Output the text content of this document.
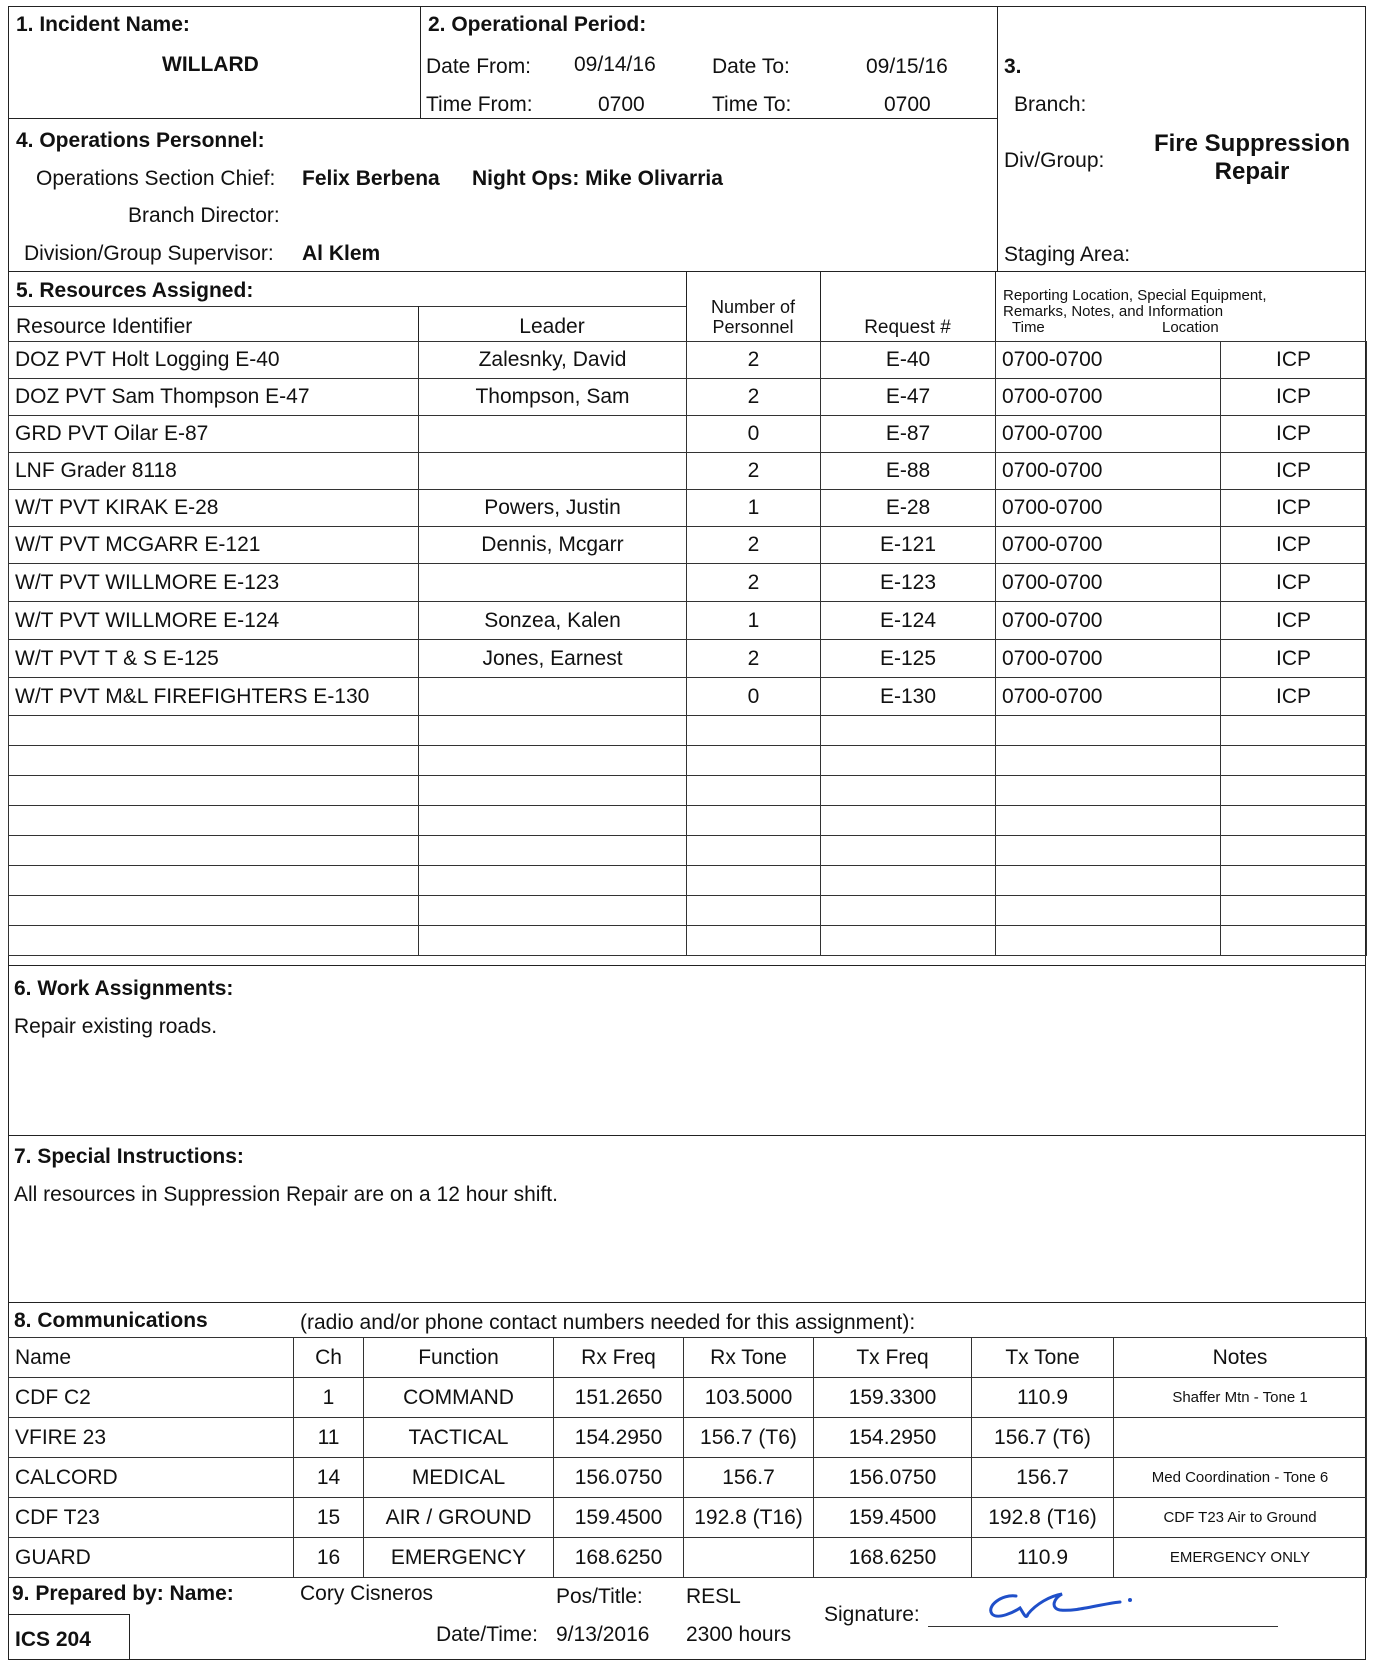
1. Incident Name:
WILLARD
2. Operational Period:
Date From: 09/14/16	Date To:	09/15/16
Time From:	0700	Time To:	0700
3.
Branch:
Div/Group:
Fire Suppression
Repair
Staging Area:
4. Operations Personnel:
Operations Section Chief: Felix Berbena Night Ops: Mike Olivarria
Branch Director:
Division/Group Supervisor: Al Klem
5. Resources Assigned:
Resource Identifier	Leader
Number of
Personnel	Request #
Reporting Location, Special Equipment,
Remarks, Notes, and Information
Time	Location
DOZ PVT Holt Logging E-40	Zalesnky, David	2	E-40	0700-0700	ICP
DOZ PVT Sam Thompson E-47	Thompson, Sam	2	E-47	0700-0700	ICP
GRD PVT Oilar E-87		0	E-87	0700-0700	ICP
LNF Grader 8118		2	E-88	0700-0700	ICP
W/T PVT KIRAK E-28	Powers, Justin	1	E-28	0700-0700	ICP
W/T PVT MCGARR E-121	Dennis, Mcgarr	2	E-121	0700-0700	ICP
W/T PVT WILLMORE E-123		2	E-123	0700-0700	ICP
W/T PVT WILLMORE E-124	Sonzea, Kalen	1	E-124	0700-0700	ICP
W/T PVT T & S E-125	Jones, Earnest	2	E-125	0700-0700	ICP
W/T PVT M&L FIREFIGHTERS E-130		0	E-130	0700-0700	ICP

6. Work Assignments:
Repair existing roads.
7. Special Instructions:
All resources in Suppression Repair are on a 12 hour shift.
8. Communications	(radio and/or phone contact numbers needed for this assignment):
Name	Ch	Function	Rx Freq	Rx Tone	Tx Freq	Tx Tone	Notes
CDF C2	1	COMMAND	151.2650	103.5000	159.3300	110.9	Shaffer Mtn - Tone 1
VFIRE 23	11	TACTICAL	154.2950	156.7 (T6)	154.2950	156.7 (T6)	
CALCORD	14	MEDICAL	156.0750	156.7	156.0750	156.7	Med Coordination - Tone 6
CDF T23	15	AIR / GROUND	159.4500	192.8 (T16)	159.4500	192.8 (T16)	CDF T23 Air to Ground
GUARD	16	EMERGENCY	168.6250		168.6250	110.9	EMERGENCY ONLY
9. Prepared by: Name:	Cory Cisneros	Pos/Title: RESL
Signature:
Date/Time: 9/13/2016 2300 hours
ICS 204
